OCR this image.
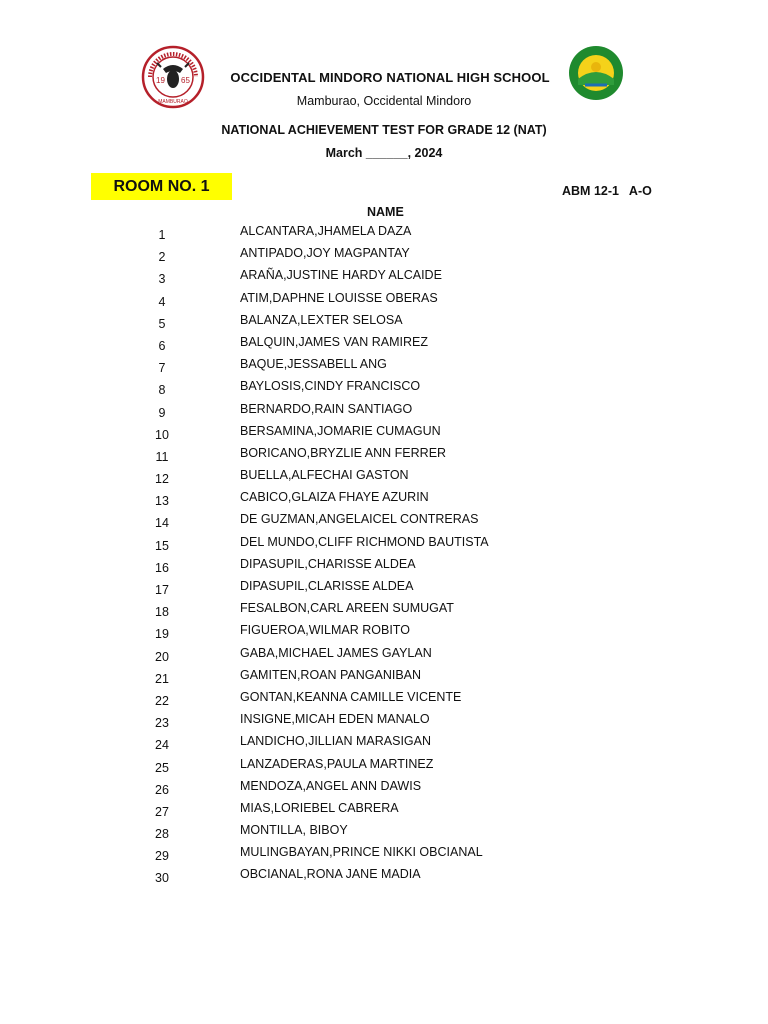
19 65
MAMBURAO
OCCIDENTAL MINDORO NATIONAL HIGH SCHOOL
Mamburao, Occidental Mindoro
NATIONAL ACHIEVEMENT TEST FOR GRADE 12 (NAT)
March ______, 2024
ROOM NO. 1	ABM 12-1   A-O
NAME
1	ALCANTARA,JHAMELA DAZA
2	ANTIPADO,JOY MAGPANTAY
3	ARAÑA,JUSTINE HARDY ALCAIDE
4	ATIM,DAPHNE LOUISSE OBERAS
5	BALANZA,LEXTER SELOSA
6	BALQUIN,JAMES VAN RAMIREZ
7	BAQUE,JESSABELL ANG
8	BAYLOSIS,CINDY FRANCISCO
9	BERNARDO,RAIN SANTIAGO
10	BERSAMINA,JOMARIE CUMAGUN
11	BORICANO,BRYZLIE ANN FERRER
12	BUELLA,ALFECHAI GASTON
13	CABICO,GLAIZA FHAYE AZURIN
14	DE GUZMAN,ANGELAICEL CONTRERAS
15	DEL MUNDO,CLIFF RICHMOND BAUTISTA
16	DIPASUPIL,CHARISSE ALDEA
17	DIPASUPIL,CLARISSE ALDEA
18	FESALBON,CARL AREEN SUMUGAT
19	FIGUEROA,WILMAR ROBITO
20	GABA,MICHAEL JAMES GAYLAN
21	GAMITEN,ROAN PANGANIBAN
22	GONTAN,KEANNA CAMILLE VICENTE
23	INSIGNE,MICAH EDEN MANALO
24	LANDICHO,JILLIAN MARASIGAN
25	LANZADERAS,PAULA MARTINEZ
26	MENDOZA,ANGEL ANN DAWIS
27	MIAS,LORIEBEL CABRERA
28	MONTILLA, BIBOY
29	MULINGBAYAN,PRINCE NIKKI OBCIANAL
30	OBCIANAL,RONA JANE MADIA
